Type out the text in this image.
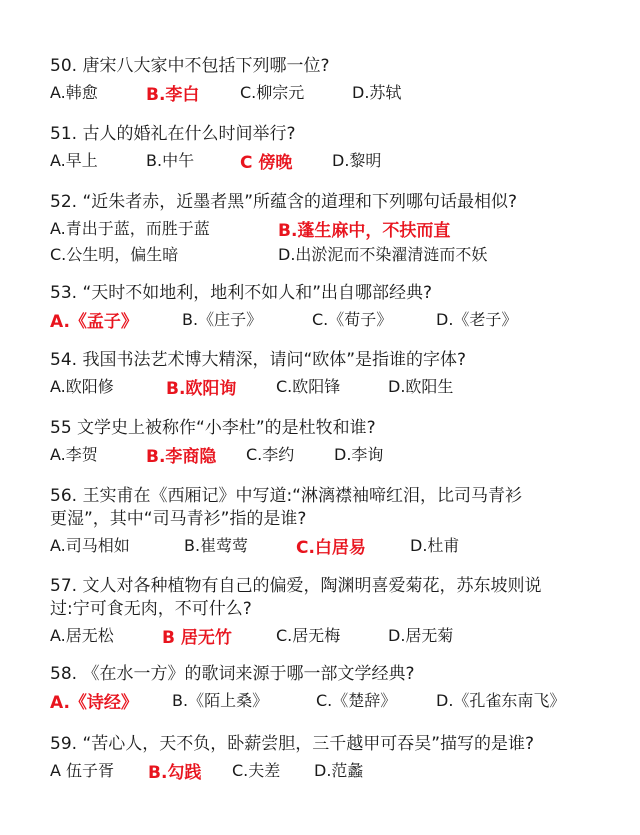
50. 唐宋八大家中不包括下列哪一位?
A.韩愈	B.李白	C.柳宗元	D.苏轼
51. 古人的婚礼在什么时间举行?
A.早上	B.中午	C 傍晚 D.黎明
52. “近朱者赤，近墨者黑”所蕴含的道理和下列哪句话最相似?
A.青出于蓝，而胜于蓝	B.蓬生麻中，不扶而直
C.公生明，偏生暗	D.出淤泥而不染濯清涟而不妖
53. “天时不如地利，地利不如人和”出自哪部经典?
A.《孟子》	B.《庄子》	C.《荀子》	D.《老子》
54. 我国书法艺术博大精深，请问“欧体”是指谁的字体?
A.欧阳修	B.欧阳询 C.欧阳锋	D.欧阳生
55 文学史上被称作“小李杜”的是杜牧和谁?
A.李贺	B.李商隐 C.李约 D.李询
56. 王实甫在《西厢记》中写道:“淋漓襟袖啼红泪，比司马青衫
更湿”，其中“司马青衫”指的是谁?
A.司马相如	B.崔莺莺	C.白居易	D.杜甫
57. 文人对各种植物有自己的偏爱，陶渊明喜爱菊花，苏东坡则说
过:宁可食无肉，不可什么?
A.居无松	B 居无竹	C.居无梅	D.居无菊
58. 《在水一方》的歌词来源于哪一部文学经典?
A.《诗经》 B.《陌上桑》	C.《楚辞》 D.《孔雀东南飞》
59. “苦心人，天不负，卧薪尝胆，三千越甲可吞吴”描写的是谁?
A 伍子胥 B.勾践 C.夫差 D.范蠡
